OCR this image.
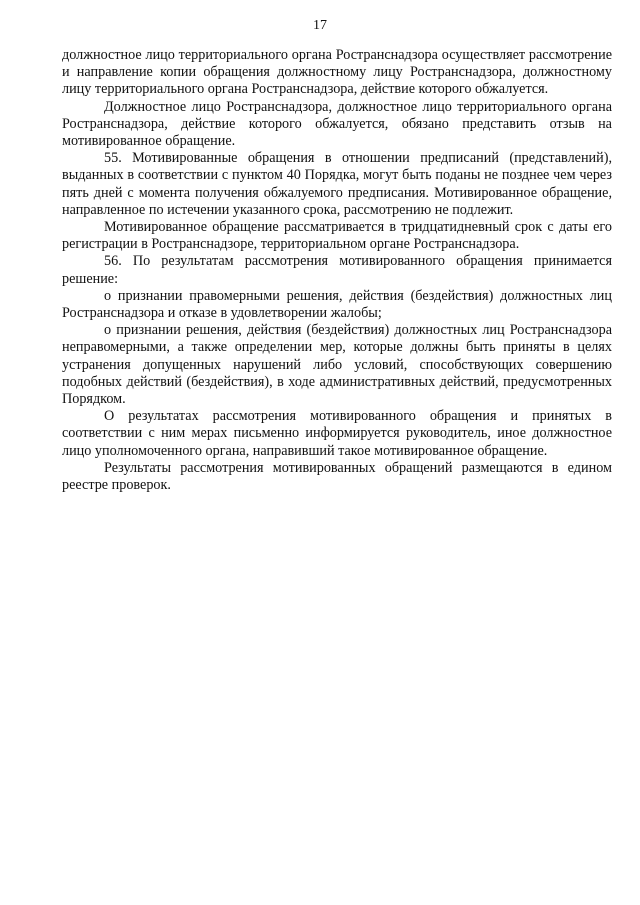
17

должностное лицо территориального органа Ространснадзора осуществляет рассмотрение и направление копии обращения должностному лицу Ространснадзора, должностному лицу территориального органа Ространснадзора, действие которого обжалуется.

Должностное лицо Ространснадзора, должностное лицо территориального органа Ространснадзора, действие которого обжалуется, обязано представить отзыв на мотивированное обращение.

55. Мотивированные обращения в отношении предписаний (представлений), выданных в соответствии с пунктом 40 Порядка, могут быть поданы не позднее чем через пять дней с момента получения обжалуемого предписания. Мотивированное обращение, направленное по истечении указанного срока, рассмотрению не подлежит.

Мотивированное обращение рассматривается в тридцатидневный срок с даты его регистрации в Ространснадзоре, территориальном органе Ространснадзора.

56. По результатам рассмотрения мотивированного обращения принимается решение:

о признании правомерными решения, действия (бездействия) должностных лиц Ространснадзора и отказе в удовлетворении жалобы;

о признании решения, действия (бездействия) должностных лиц Ространснадзора неправомерными, а также определении мер, которые должны быть приняты в целях устранения допущенных нарушений либо условий, способствующих совершению подобных действий (бездействия), в ходе административных действий, предусмотренных Порядком.

О результатах рассмотрения мотивированного обращения и принятых в соответствии с ним мерах письменно информируется руководитель, иное должностное лицо уполномоченного органа, направивший такое мотивированное обращение.

Результаты рассмотрения мотивированных обращений размещаются в едином реестре проверок.
